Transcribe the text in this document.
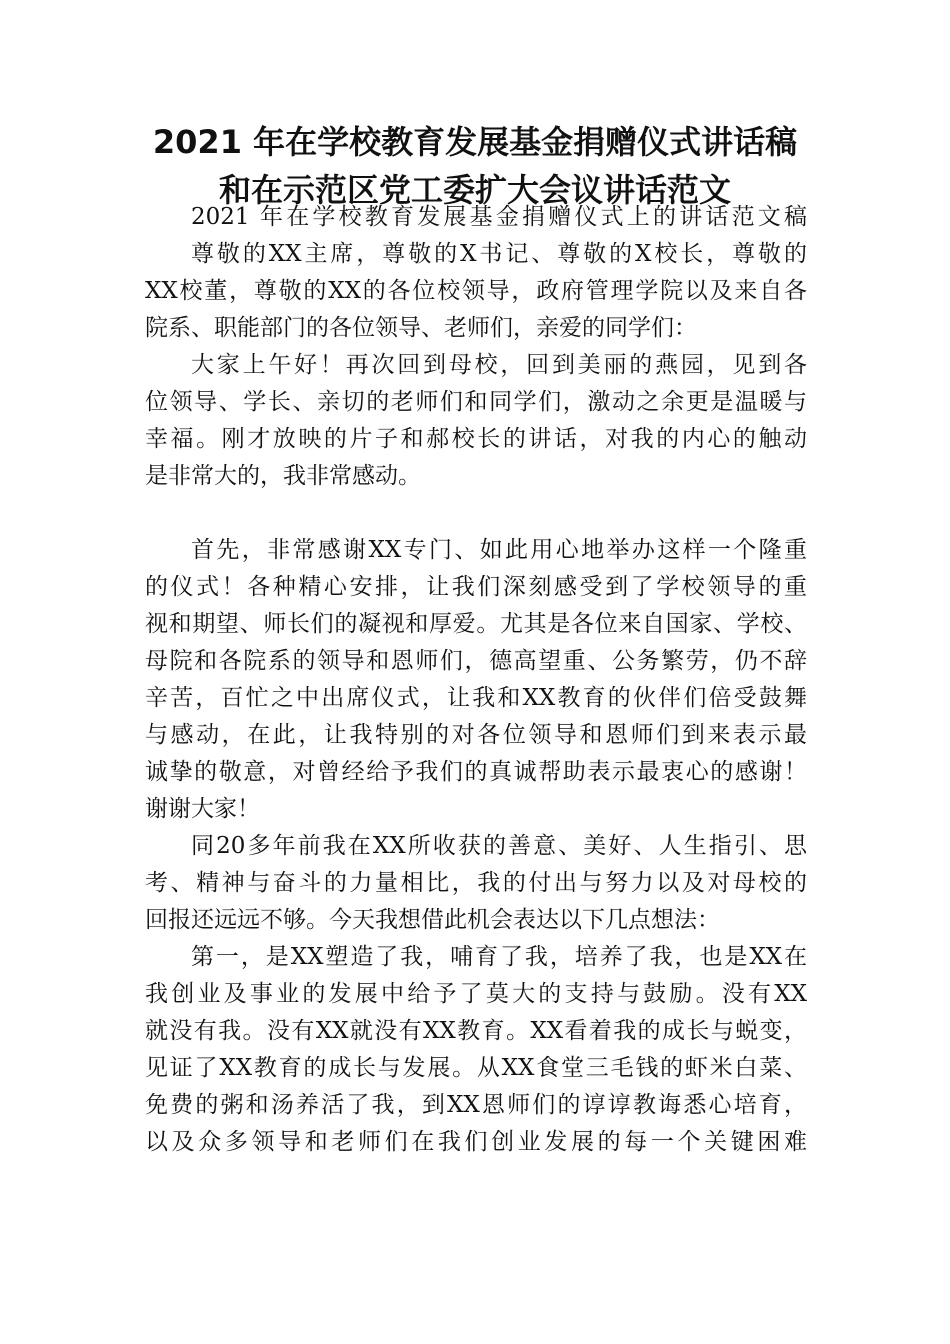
2021 年在学校教育发展基金捐赠仪式讲话稿
和在示范区党工委扩大会议讲话范文
2021 年在学校教育发展基金捐赠仪式上的讲话范文稿
尊敬的XX主席，尊敬的X书记、尊敬的X校长，尊敬的
XX校董，尊敬的XX的各位校领导，政府管理学院以及来自各
院系、职能部门的各位领导、老师们，亲爱的同学们：
大家上午好！再次回到母校，回到美丽的燕园，见到各
位领导、学长、亲切的老师们和同学们，激动之余更是温暖与
幸福。刚才放映的片子和郝校长的讲话，对我的内心的触动
是非常大的，我非常感动。
首先，非常感谢XX专门、如此用心地举办这样一个隆重
的仪式！各种精心安排，让我们深刻感受到了学校领导的重
视和期望、师长们的凝视和厚爱。尤其是各位来自国家、学校、
母院和各院系的领导和恩师们，德高望重、公务繁劳，仍不辞
辛苦，百忙之中出席仪式，让我和XX教育的伙伴们倍受鼓舞
与感动，在此，让我特别的对各位领导和恩师们到来表示最
诚挚的敬意，对曾经给予我们的真诚帮助表示最衷心的感谢！
谢谢大家！
同20多年前我在XX所收获的善意、美好、人生指引、思
考、精神与奋斗的力量相比，我的付出与努力以及对母校的
回报还远远不够。今天我想借此机会表达以下几点想法：
第一，是XX塑造了我，哺育了我，培养了我，也是XX在
我创业及事业的发展中给予了莫大的支持与鼓励。没有XX
就没有我。没有XX就没有XX教育。XX看着我的成长与蜕变，
见证了XX教育的成长与发展。从XX食堂三毛钱的虾米白菜、
免费的粥和汤养活了我，到XX恩师们的谆谆教诲悉心培育，
以及众多领导和老师们在我们创业发展的每一个关键困难
